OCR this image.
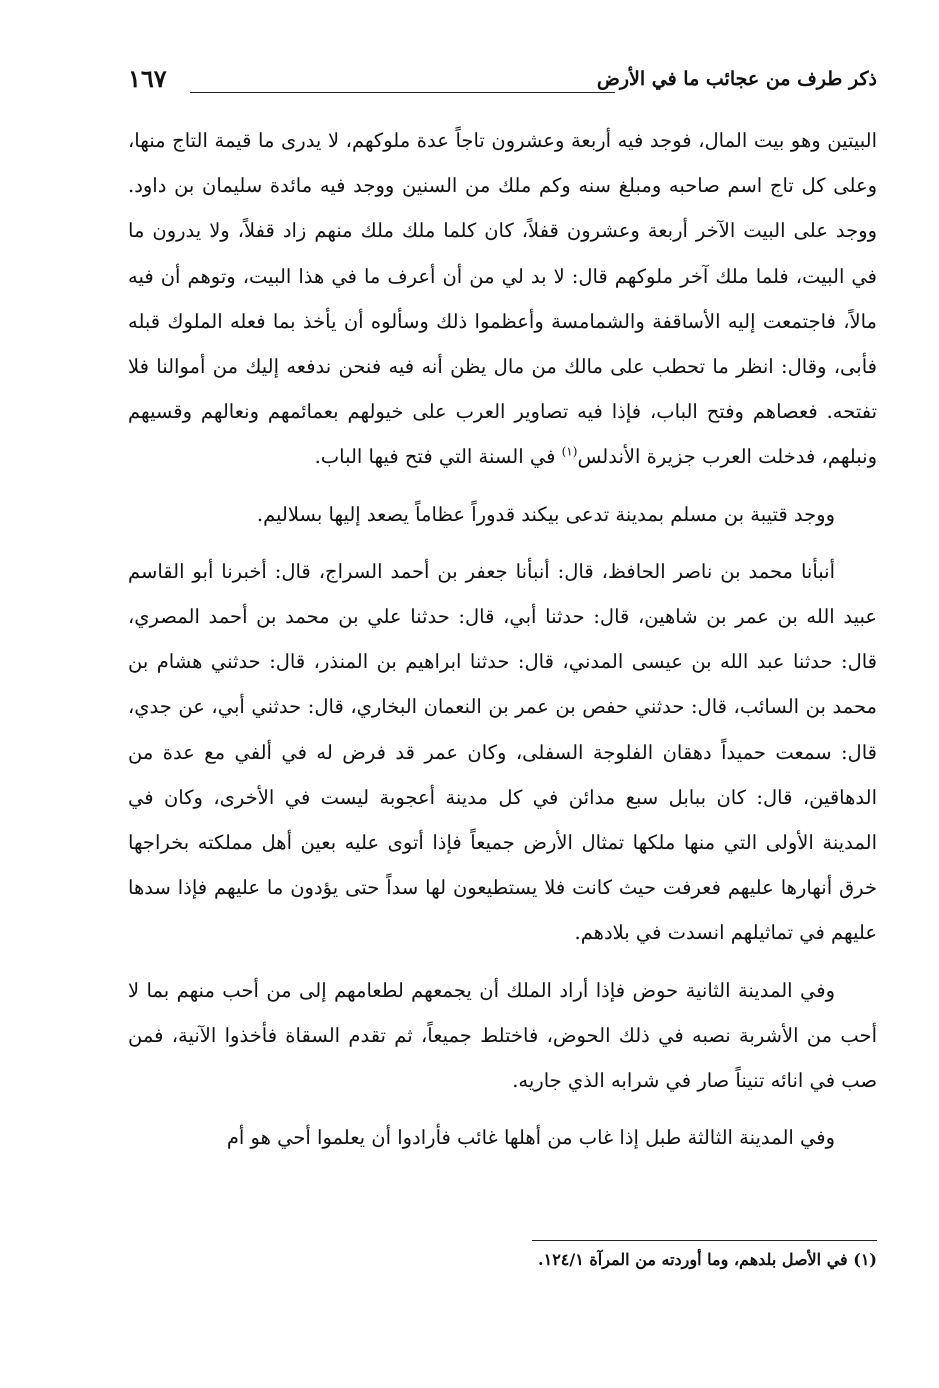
ذكر طرف من عجائب ما في الأرض
١٦٧

البيتين وهو بيت المال، فوجد فيه أربعة وعشرون تاجاً عدة ملوكهم، لا يدرى ما قيمة التاج منها، وعلى كل تاج اسم صاحبه ومبلغ سنه وكم ملك من السنين ووجد فيه مائدة سليمان بن داود. ووجد على البيت الآخر أربعة وعشرون قفلاً، كان كلما ملك ملك منهم زاد قفلاً، ولا يدرون ما في البيت، فلما ملك آخر ملوكهم قال: لا بد لي من أن أعرف ما في هذا البيت، وتوهم أن فيه مالاً، فاجتمعت إليه الأساقفة والشمامسة وأعظموا ذلك وسألوه أن يأخذ بما فعله الملوك قبله فأبى، وقال: انظر ما تحطب على مالك من مال يظن أنه فيه فنحن ندفعه إليك من أموالنا فلا تفتحه. فعصاهم وفتح الباب، فإذا فيه تصاوير العرب على خيولهم بعمائمهم ونعالهم وقسيهم ونبلهم، فدخلت العرب جزيرة الأندلس$^{(١)}$ في السنة التي فتح فيها الباب.

ووجد قتيبة بن مسلم بمدينة تدعى بيكند قدوراً عظاماً يصعد إليها بسلاليم.

أنبأنا محمد بن ناصر الحافظ، قال: أنبأنا جعفر بن أحمد السراج، قال: أخبرنا أبو القاسم عبيد الله بن عمر بن شاهين، قال: حدثنا أبي، قال: حدثنا علي بن محمد بن أحمد المصري، قال: حدثنا عبد الله بن عيسى المدني، قال: حدثنا ابراهيم بن المنذر، قال: حدثني هشام بن محمد بن السائب، قال: حدثني حفص بن عمر بن النعمان البخاري، قال: حدثني أبي، عن جدي، قال: سمعت حميداً دهقان الفلوجة السفلى، وكان عمر قد فرض له في ألفي مع عدة من الدهاقين، قال: كان ببابل سبع مدائن في كل مدينة أعجوبة ليست في الأخرى، وكان في المدينة الأولى التي منها ملكها تمثال الأرض جميعاً فإذا أتوى عليه بعين أهل مملكته بخراجها خرق أنهارها عليهم فعرفت حيث كانت فلا يستطيعون لها سداً حتى يؤدون ما عليهم فإذا سدها عليهم في تماثيلهم انسدت في بلادهم.

وفي المدينة الثانية حوض فإذا أراد الملك أن يجمعهم لطعامهم إلى من أحب منهم بما لا أحب من الأشربة نصبه في ذلك الحوض، فاختلط جميعاً، ثم تقدم السقاة فأخذوا الآنية، فمن صب في انائه تنيناً صار في شرابه الذي جاريه.

وفي المدينة الثالثة طبل إذا غاب من أهلها غائب فأرادوا أن يعلموا أحي هو أم

(١) في الأصل بلدهم، وما أوردته من المرآة ١٢٤/١.
